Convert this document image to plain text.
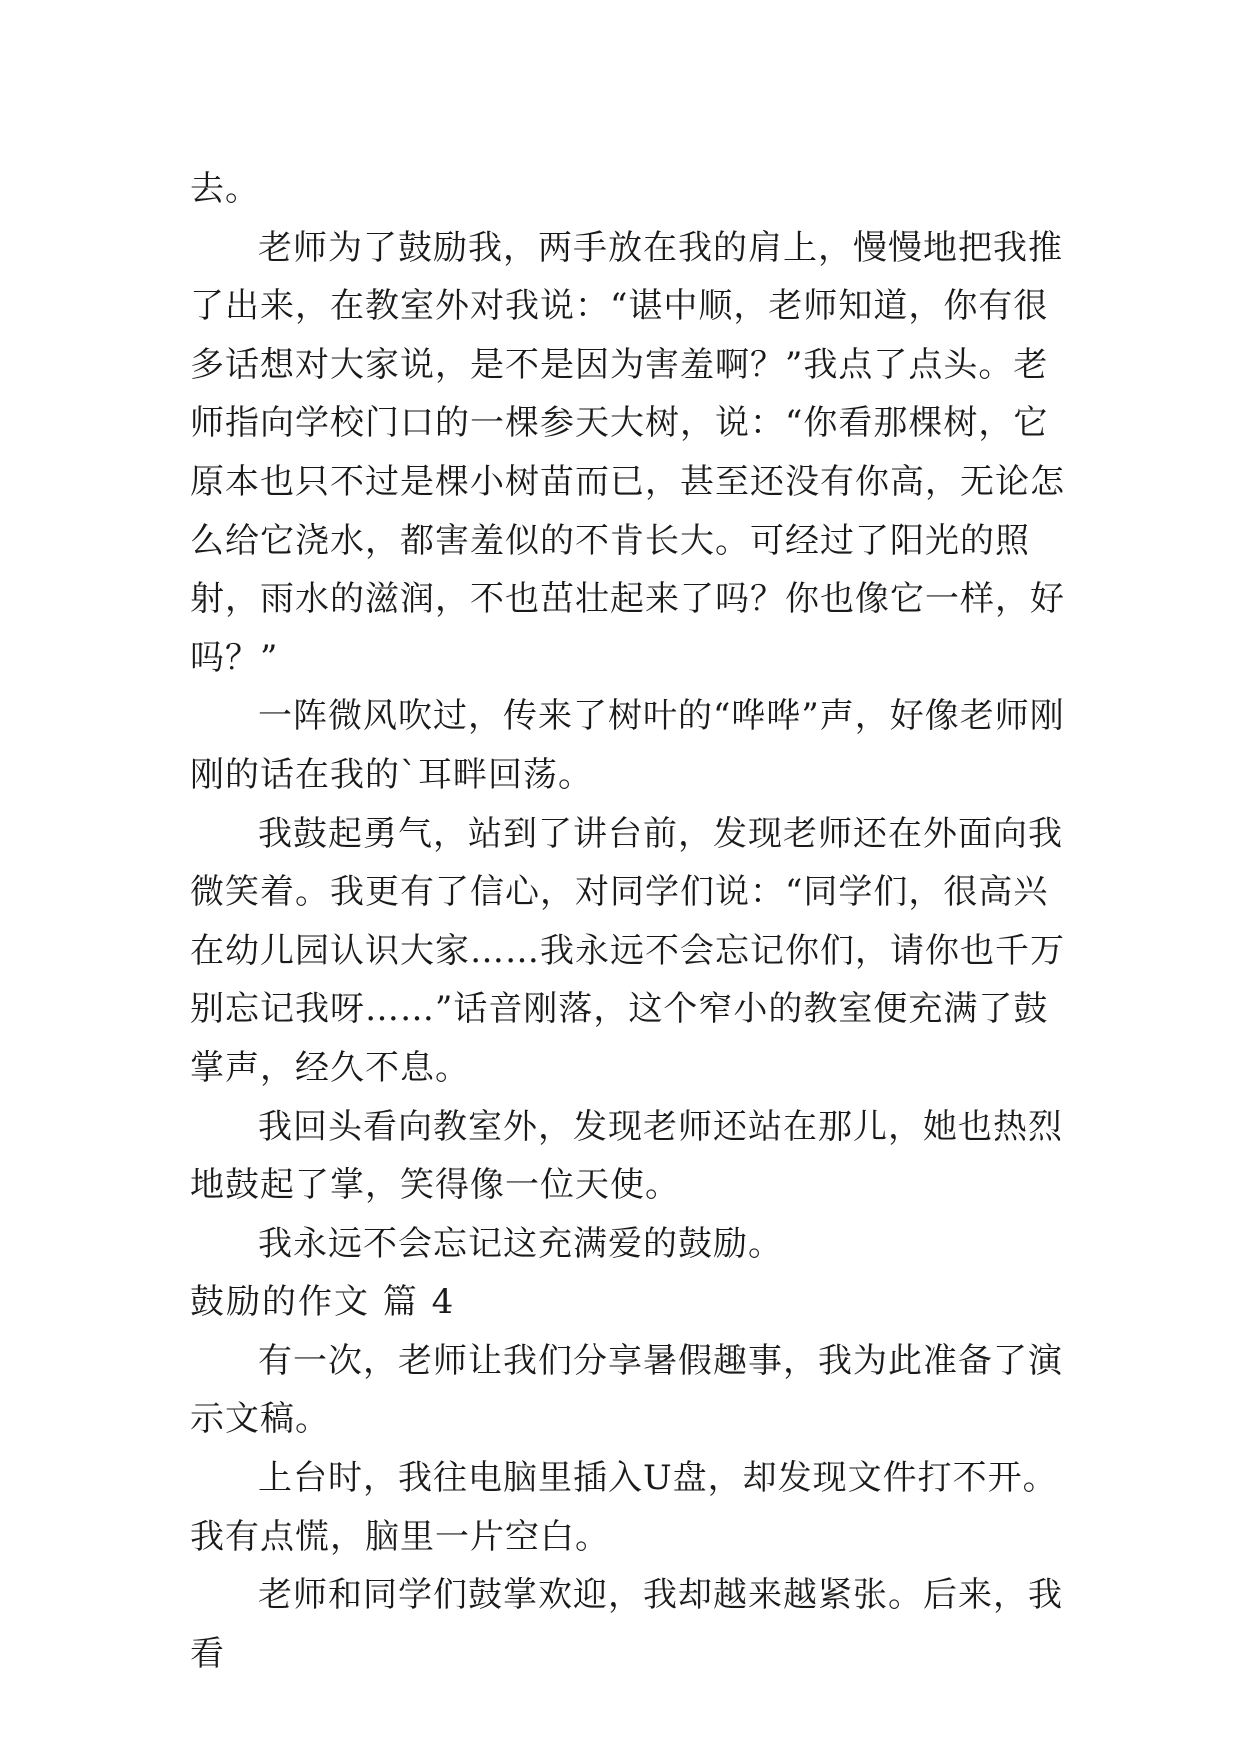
去。

老师为了鼓励我，两手放在我的肩上，慢慢地把我推了出来，在教室外对我说：“谌中顺，老师知道，你有很多话想对大家说，是不是因为害羞啊？”我点了点头。老师指向学校门口的一棵参天大树，说：“你看那棵树，它原本也只不过是棵小树苗而已，甚至还没有你高，无论怎么给它浇水，都害羞似的不肯长大。可经过了阳光的照射，雨水的滋润，不也茁壮起来了吗？你也像它一样，好吗？”

一阵微风吹过，传来了树叶的“哗哗”声，好像老师刚刚的话在我的`耳畔回荡。

我鼓起勇气，站到了讲台前，发现老师还在外面向我微笑着。我更有了信心，对同学们说：“同学们，很高兴在幼儿园认识大家……我永远不会忘记你们，请你也千万别忘记我呀……”话音刚落，这个窄小的教室便充满了鼓掌声，经久不息。

我回头看向教室外，发现老师还站在那儿，她也热烈地鼓起了掌，笑得像一位天使。

我永远不会忘记这充满爱的鼓励。

鼓励的作文 篇 4

有一次，老师让我们分享暑假趣事，我为此准备了演示文稿。

上台时，我往电脑里插入U盘，却发现文件打不开。我有点慌，脑里一片空白。

老师和同学们鼓掌欢迎，我却越来越紧张。后来，我看
